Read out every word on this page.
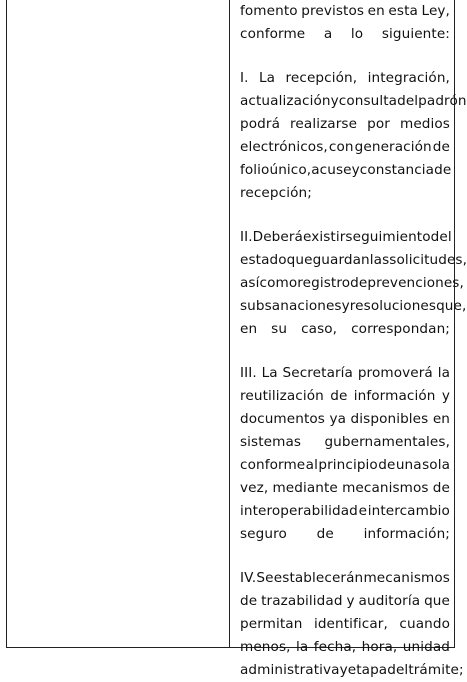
fomento previstos en esta Ley,
conforme a lo siguiente:
I. La recepción, integración,
actualización y consulta del padrón
podrá realizarse por medios
electrónicos, con generación de
folio único, acuse y constancia de
recepción;
II. Deberá existir seguimiento del
estado que guardan las solicitudes,
así como registro de prevenciones,
subsanaciones y resoluciones que,
en su caso, correspondan;
III. La Secretaría promoverá la
reutilización de información y
documentos ya disponibles en
sistemas gubernamentales,
conforme al principio de una sola
vez, mediante mecanismos de
interoperabilidad e intercambio
seguro de información;
IV. Se establecerán mecanismos
de trazabilidad y auditoría que
permitan identificar, cuando
menos, la fecha, hora, unidad
administrativa y etapa del trámite;
